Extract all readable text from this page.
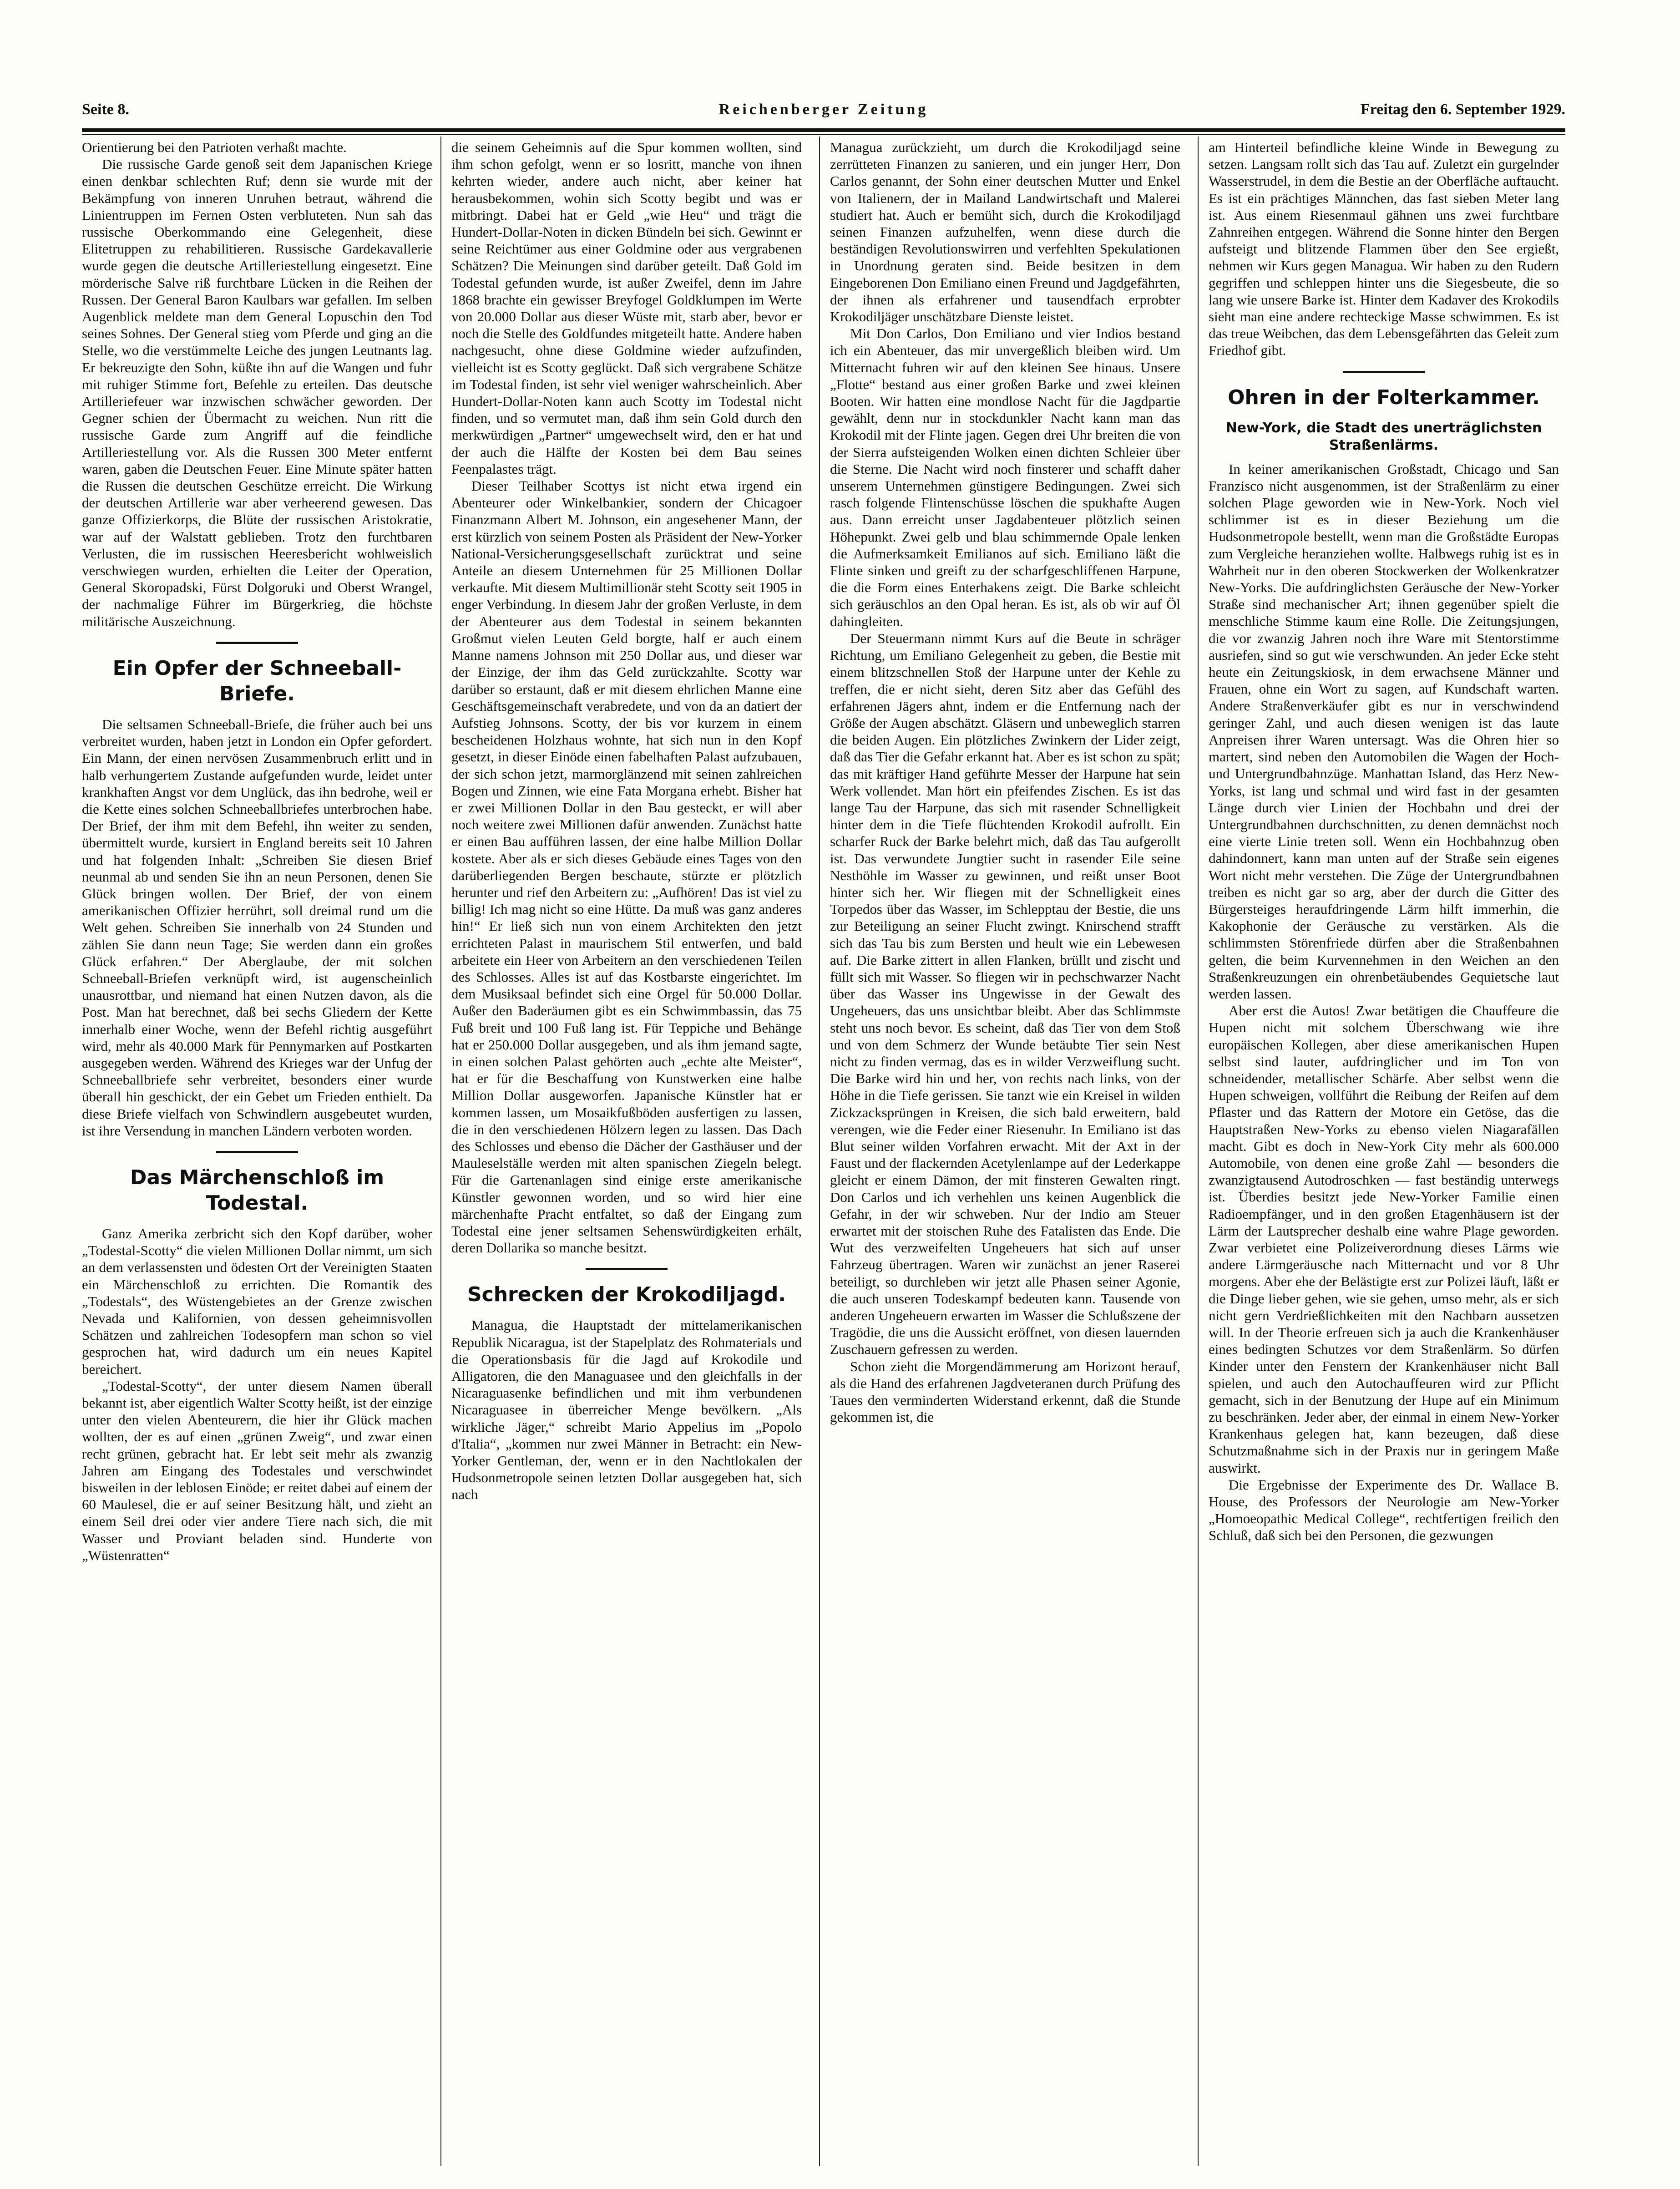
Seite 8.	Reichenberger Zeitung	Freitag den 6. September 1929.

Orientierung bei den Patrioten verhaßt machte.

Die russische Garde genoß seit dem Japanischen Kriege einen denkbar schlechten Ruf; denn sie wurde mit der Bekämpfung von inneren Unruhen betraut, während die Linientruppen im Fernen Osten verbluteten. Nun sah das russische Oberkommando eine Gelegenheit, diese Elitetruppen zu rehabilitieren. Russische Gardekavallerie wurde gegen die deutsche Artilleriestellung eingesetzt. Eine mörderische Salve riß furchtbare Lücken in die Reihen der Russen. Der General Baron Kaulbars war gefallen. Im selben Augenblick meldete man dem General Lopuschin den Tod seines Sohnes. Der General stieg vom Pferde und ging an die Stelle, wo die verstümmelte Leiche des jungen Leutnants lag. Er bekreuzigte den Sohn, küßte ihn auf die Wangen und fuhr mit ruhiger Stimme fort, Befehle zu erteilen. Das deutsche Artilleriefeuer war inzwischen schwächer geworden. Der Gegner schien der Übermacht zu weichen. Nun ritt die russische Garde zum Angriff auf die feindliche Artilleriestellung vor. Als die Russen 300 Meter entfernt waren, gaben die Deutschen Feuer. Eine Minute später hatten die Russen die deutschen Geschütze erreicht. Die Wirkung der deutschen Artillerie war aber verheerend gewesen. Das ganze Offizierkorps, die Blüte der russischen Aristokratie, war auf der Walstatt geblieben. Trotz den furchtbaren Verlusten, die im russischen Heeresbericht wohlweislich verschwiegen wurden, erhielten die Leiter der Operation, General Skoropadski, Fürst Dolgoruki und Oberst Wrangel, der nachmalige Führer im Bürgerkrieg, die höchste militärische Auszeichnung.

Ein Opfer der Schneeball-Briefe.

Die seltsamen Schneeball-Briefe, die früher auch bei uns verbreitet wurden, haben jetzt in London ein Opfer gefordert. Ein Mann, der einen nervösen Zusammenbruch erlitt und in halb verhungertem Zustande aufgefunden wurde, leidet unter krankhaften Angst vor dem Unglück, das ihn bedrohe, weil er die Kette eines solchen Schneeballbriefes unterbrochen habe. Der Brief, der ihm mit dem Befehl, ihn weiter zu senden, übermittelt wurde, kursiert in England bereits seit 10 Jahren und hat folgenden Inhalt: „Schreiben Sie diesen Brief neunmal ab und senden Sie ihn an neun Personen, denen Sie Glück bringen wollen. Der Brief, der von einem amerikanischen Offizier herrührt, soll dreimal rund um die Welt gehen. Schreiben Sie innerhalb von 24 Stunden und zählen Sie dann neun Tage; Sie werden dann ein großes Glück erfahren.“ Der Aberglaube, der mit solchen Schneeball-Briefen verknüpft wird, ist augenscheinlich unausrottbar, und niemand hat einen Nutzen davon, als die Post. Man hat berechnet, daß bei sechs Gliedern der Kette innerhalb einer Woche, wenn der Befehl richtig ausgeführt wird, mehr als 40.000 Mark für Pennymarken auf Postkarten ausgegeben werden. Während des Krieges war der Unfug der Schneeballbriefe sehr verbreitet, besonders einer wurde überall hin geschickt, der ein Gebet um Frieden enthielt. Da diese Briefe vielfach von Schwindlern ausgebeutet wurden, ist ihre Versendung in manchen Ländern verboten worden.

Das Märchenschloß im Todestal.

Ganz Amerika zerbricht sich den Kopf darüber, woher „Todestal-Scotty“ die vielen Millionen Dollar nimmt, um sich an dem verlassensten und ödesten Ort der Vereinigten Staaten ein Märchenschloß zu errichten. Die Romantik des „Todestals“, des Wüstengebietes an der Grenze zwischen Nevada und Kalifornien, von dessen geheimnisvollen Schätzen und zahlreichen Todesopfern man schon so viel gesprochen hat, wird dadurch um ein neues Kapitel bereichert.

„Todestal-Scotty“, der unter diesem Namen überall bekannt ist, aber eigentlich Walter Scotty heißt, ist der einzige unter den vielen Abenteurern, die hier ihr Glück machen wollten, der es auf einen „grünen Zweig“, und zwar einen recht grünen, gebracht hat. Er lebt seit mehr als zwanzig Jahren am Eingang des Todestales und verschwindet bisweilen in der leblosen Einöde; er reitet dabei auf einem der 60 Maulesel, die er auf seiner Besitzung hält, und zieht an einem Seil drei oder vier andere Tiere nach sich, die mit Wasser und Proviant beladen sind. Hunderte von „Wüstenratten“

die seinem Geheimnis auf die Spur kommen wollten, sind ihm schon gefolgt, wenn er so losritt, manche von ihnen kehrten wieder, andere auch nicht, aber keiner hat herausbekommen, wohin sich Scotty begibt und was er mitbringt. Dabei hat er Geld „wie Heu“ und trägt die Hundert-Dollar-Noten in dicken Bündeln bei sich. Gewinnt er seine Reichtümer aus einer Goldmine oder aus vergrabenen Schätzen? Die Meinungen sind darüber geteilt. Daß Gold im Todestal gefunden wurde, ist außer Zweifel, denn im Jahre 1868 brachte ein gewisser Breyfogel Goldklumpen im Werte von 20.000 Dollar aus dieser Wüste mit, starb aber, bevor er noch die Stelle des Goldfundes mitgeteilt hatte. Andere haben nachgesucht, ohne diese Goldmine wieder aufzufinden, vielleicht ist es Scotty geglückt. Daß sich vergrabene Schätze im Todestal finden, ist sehr viel weniger wahrscheinlich. Aber Hundert-Dollar-Noten kann auch Scotty im Todestal nicht finden, und so vermutet man, daß ihm sein Gold durch den merkwürdigen „Partner“ umgewechselt wird, den er hat und der auch die Hälfte der Kosten bei dem Bau seines Feenpalastes trägt.

Dieser Teilhaber Scottys ist nicht etwa irgend ein Abenteurer oder Winkelbankier, sondern der Chicagoer Finanzmann Albert M. Johnson, ein angesehener Mann, der erst kürzlich von seinem Posten als Präsident der New-Yorker National-Versicherungsgesellschaft zurücktrat und seine Anteile an diesem Unternehmen für 25 Millionen Dollar verkaufte. Mit diesem Multimillionär steht Scotty seit 1905 in enger Verbindung. In diesem Jahr der großen Verluste, in dem der Abenteurer aus dem Todestal in seinem bekannten Großmut vielen Leuten Geld borgte, half er auch einem Manne namens Johnson mit 250 Dollar aus, und dieser war der Einzige, der ihm das Geld zurückzahlte. Scotty war darüber so erstaunt, daß er mit diesem ehrlichen Manne eine Geschäftsgemeinschaft verabredete, und von da an datiert der Aufstieg Johnsons. Scotty, der bis vor kurzem in einem bescheidenen Holzhaus wohnte, hat sich nun in den Kopf gesetzt, in dieser Einöde einen fabelhaften Palast aufzubauen, der sich schon jetzt, marmorglänzend mit seinen zahlreichen Bogen und Zinnen, wie eine Fata Morgana erhebt. Bisher hat er zwei Millionen Dollar in den Bau gesteckt, er will aber noch weitere zwei Millionen dafür anwenden. Zunächst hatte er einen Bau aufführen lassen, der eine halbe Million Dollar kostete. Aber als er sich dieses Gebäude eines Tages von den darüberliegenden Bergen beschaute, stürzte er plötzlich herunter und rief den Arbeitern zu: „Aufhören! Das ist viel zu billig! Ich mag nicht so eine Hütte. Da muß was ganz anderes hin!“ Er ließ sich nun von einem Architekten den jetzt errichteten Palast in maurischem Stil entwerfen, und bald arbeitete ein Heer von Arbeitern an den verschiedenen Teilen des Schlosses. Alles ist auf das Kostbarste eingerichtet. Im dem Musiksaal befindet sich eine Orgel für 50.000 Dollar. Außer den Baderäumen gibt es ein Schwimmbassin, das 75 Fuß breit und 100 Fuß lang ist. Für Teppiche und Behänge hat er 250.000 Dollar ausgegeben, und als ihm jemand sagte, in einen solchen Palast gehörten auch „echte alte Meister“, hat er für die Beschaffung von Kunstwerken eine halbe Million Dollar ausgeworfen. Japanische Künstler hat er kommen lassen, um Mosaikfußböden ausfertigen zu lassen, die in den verschiedenen Hölzern legen zu lassen. Das Dach des Schlosses und ebenso die Dächer der Gasthäuser und der Mauleselställe werden mit alten spanischen Ziegeln belegt. Für die Gartenanlagen sind einige erste amerikanische Künstler gewonnen worden, und so wird hier eine märchenhafte Pracht entfaltet, so daß der Eingang zum Todestal eine jener seltsamen Sehenswürdigkeiten erhält, deren Dollarika so manche besitzt.

Schrecken der Krokodiljagd.

Managua, die Hauptstadt der mittelamerikanischen Republik Nicaragua, ist der Stapelplatz des Rohmaterials und die Operationsbasis für die Jagd auf Krokodile und Alligatoren, die den Managuasee und den gleichfalls in der Nicaraguasenke befindlichen und mit ihm verbundenen Nicaraguasee in überreicher Menge bevölkern. „Als wirkliche Jäger,“ schreibt Mario Appelius im „Popolo d'Italia“, „kommen nur zwei Männer in Betracht: ein New-Yorker Gentleman, der, wenn er in den Nachtlokalen der Hudsonmetropole seinen letzten Dollar ausgegeben hat, sich nach

Managua zurückzieht, um durch die Krokodiljagd seine zerrütteten Finanzen zu sanieren, und ein junger Herr, Don Carlos genannt, der Sohn einer deutschen Mutter und Enkel von Italienern, der in Mailand Landwirtschaft und Malerei studiert hat. Auch er bemüht sich, durch die Krokodiljagd seinen Finanzen aufzuhelfen, wenn diese durch die beständigen Revolutionswirren und verfehlten Spekulationen in Unordnung geraten sind. Beide besitzen in dem Eingeborenen Don Emiliano einen Freund und Jagdgefährten, der ihnen als erfahrener und tausendfach erprobter Krokodiljäger unschätzbare Dienste leistet.

Mit Don Carlos, Don Emiliano und vier Indios bestand ich ein Abenteuer, das mir unvergeßlich bleiben wird. Um Mitternacht fuhren wir auf den kleinen See hinaus. Unsere „Flotte“ bestand aus einer großen Barke und zwei kleinen Booten. Wir hatten eine mondlose Nacht für die Jagdpartie gewählt, denn nur in stockdunkler Nacht kann man das Krokodil mit der Flinte jagen. Gegen drei Uhr breiten die von der Sierra aufsteigenden Wolken einen dichten Schleier über die Sterne. Die Nacht wird noch finsterer und schafft daher unserem Unternehmen günstigere Bedingungen. Zwei sich rasch folgende Flintenschüsse löschen die spukhafte Augen aus. Dann erreicht unser Jagdabenteuer plötzlich seinen Höhepunkt. Zwei gelb und blau schimmernde Opale lenken die Aufmerksamkeit Emilianos auf sich. Emiliano läßt die Flinte sinken und greift zu der scharfgeschliffenen Harpune, die die Form eines Enterhakens zeigt. Die Barke schleicht sich geräuschlos an den Opal heran. Es ist, als ob wir auf Öl dahingleiten.

Der Steuermann nimmt Kurs auf die Beute in schräger Richtung, um Emiliano Gelegenheit zu geben, die Bestie mit einem blitzschnellen Stoß der Harpune unter der Kehle zu treffen, die er nicht sieht, deren Sitz aber das Gefühl des erfahrenen Jägers ahnt, indem er die Entfernung nach der Größe der Augen abschätzt. Gläsern und unbeweglich starren die beiden Augen. Ein plötzliches Zwinkern der Lider zeigt, daß das Tier die Gefahr erkannt hat. Aber es ist schon zu spät; das mit kräftiger Hand geführte Messer der Harpune hat sein Werk vollendet. Man hört ein pfeifendes Zischen. Es ist das lange Tau der Harpune, das sich mit rasender Schnelligkeit hinter dem in die Tiefe flüchtenden Krokodil aufrollt. Ein scharfer Ruck der Barke belehrt mich, daß das Tau aufgerollt ist. Das verwundete Jungtier sucht in rasender Eile seine Nesthöhle im Wasser zu gewinnen, und reißt unser Boot hinter sich her. Wir fliegen mit der Schnelligkeit eines Torpedos über das Wasser, im Schlepptau der Bestie, die uns zur Beteiligung an seiner Flucht zwingt. Knirschend strafft sich das Tau bis zum Bersten und heult wie ein Lebewesen auf. Die Barke zittert in allen Flanken, brüllt und zischt und füllt sich mit Wasser. So fliegen wir in pechschwarzer Nacht über das Wasser ins Ungewisse in der Gewalt des Ungeheuers, das uns unsichtbar bleibt. Aber das Schlimmste steht uns noch bevor. Es scheint, daß das Tier von dem Stoß und von dem Schmerz der Wunde betäubte Tier sein Nest nicht zu finden vermag, das es in wilder Verzweiflung sucht. Die Barke wird hin und her, von rechts nach links, von der Höhe in die Tiefe gerissen. Sie tanzt wie ein Kreisel in wilden Zickzacksprüngen in Kreisen, die sich bald erweitern, bald verengen, wie die Feder einer Riesenuhr. In Emiliano ist das Blut seiner wilden Vorfahren erwacht. Mit der Axt in der Faust und der flackernden Acetylenlampe auf der Lederkappe gleicht er einem Dämon, der mit finsteren Gewalten ringt. Don Carlos und ich verhehlen uns keinen Augenblick die Gefahr, in der wir schweben. Nur der Indio am Steuer erwartet mit der stoischen Ruhe des Fatalisten das Ende. Die Wut des verzweifelten Ungeheuers hat sich auf unser Fahrzeug übertragen. Waren wir zunächst an jener Raserei beteiligt, so durchleben wir jetzt alle Phasen seiner Agonie, die auch unseren Todeskampf bedeuten kann. Tausende von anderen Ungeheuern erwarten im Wasser die Schlußszene der Tragödie, die uns die Aussicht eröffnet, von diesen lauernden Zuschauern gefressen zu werden.

Schon zieht die Morgendämmerung am Horizont herauf, als die Hand des erfahrenen Jagdveteranen durch Prüfung des Taues den verminderten Widerstand erkennt, daß die Stunde gekommen ist, die

am Hinterteil befindliche kleine Winde in Bewegung zu setzen. Langsam rollt sich das Tau auf. Zuletzt ein gurgelnder Wasserstrudel, in dem die Bestie an der Oberfläche auftaucht. Es ist ein prächtiges Männchen, das fast sieben Meter lang ist. Aus einem Riesenmaul gähnen uns zwei furchtbare Zahnreihen entgegen. Während die Sonne hinter den Bergen aufsteigt und blitzende Flammen über den See ergießt, nehmen wir Kurs gegen Managua. Wir haben zu den Rudern gegriffen und schleppen hinter uns die Siegesbeute, die so lang wie unsere Barke ist. Hinter dem Kadaver des Krokodils sieht man eine andere rechteckige Masse schwimmen. Es ist das treue Weibchen, das dem Lebensgefährten das Geleit zum Friedhof gibt.

Ohren in der Folterkammer.
New-York, die Stadt des unerträglichsten Straßenlärms.

In keiner amerikanischen Großstadt, Chicago und San Franzisco nicht ausgenommen, ist der Straßenlärm zu einer solchen Plage geworden wie in New-York. Noch viel schlimmer ist es in dieser Beziehung um die Hudsonmetropole bestellt, wenn man die Großstädte Europas zum Vergleiche heranziehen wollte. Halbwegs ruhig ist es in Wahrheit nur in den oberen Stockwerken der Wolkenkratzer New-Yorks. Die aufdringlichsten Geräusche der New-Yorker Straße sind mechanischer Art; ihnen gegenüber spielt die menschliche Stimme kaum eine Rolle. Die Zeitungsjungen, die vor zwanzig Jahren noch ihre Ware mit Stentorstimme ausriefen, sind so gut wie verschwunden. An jeder Ecke steht heute ein Zeitungskiosk, in dem erwachsene Männer und Frauen, ohne ein Wort zu sagen, auf Kundschaft warten. Andere Straßenverkäufer gibt es nur in verschwindend geringer Zahl, und auch diesen wenigen ist das laute Anpreisen ihrer Waren untersagt. Was die Ohren hier so martert, sind neben den Automobilen die Wagen der Hoch- und Untergrundbahnzüge. Manhattan Island, das Herz New-Yorks, ist lang und schmal und wird fast in der gesamten Länge durch vier Linien der Hochbahn und drei der Untergrundbahnen durchschnitten, zu denen demnächst noch eine vierte Linie treten soll. Wenn ein Hochbahnzug oben dahindonnert, kann man unten auf der Straße sein eigenes Wort nicht mehr verstehen. Die Züge der Untergrundbahnen treiben es nicht gar so arg, aber der durch die Gitter des Bürgersteiges heraufdringende Lärm hilft immerhin, die Kakophonie der Geräusche zu verstärken. Als die schlimmsten Störenfriede dürfen aber die Straßenbahnen gelten, die beim Kurvennehmen in den Weichen an den Straßenkreuzungen ein ohrenbetäubendes Gequietsche laut werden lassen.

Aber erst die Autos! Zwar betätigen die Chauffeure die Hupen nicht mit solchem Überschwang wie ihre europäischen Kollegen, aber diese amerikanischen Hupen selbst sind lauter, aufdringlicher und im Ton von schneidender, metallischer Schärfe. Aber selbst wenn die Hupen schweigen, vollführt die Reibung der Reifen auf dem Pflaster und das Rattern der Motore ein Getöse, das die Hauptstraßen New-Yorks zu ebenso vielen Niagarafällen macht. Gibt es doch in New-York City mehr als 600.000 Automobile, von denen eine große Zahl — besonders die zwanzigtausend Autodroschken — fast beständig unterwegs ist. Überdies besitzt jede New-Yorker Familie einen Radioempfänger, und in den großen Etagenhäusern ist der Lärm der Lautsprecher deshalb eine wahre Plage geworden. Zwar verbietet eine Polizeiverordnung dieses Lärms wie andere Lärmgeräusche nach Mitternacht und vor 8 Uhr morgens. Aber ehe der Belästigte erst zur Polizei läuft, läßt er die Dinge lieber gehen, wie sie gehen, umso mehr, als er sich nicht gern Verdrießlichkeiten mit den Nachbarn aussetzen will. In der Theorie erfreuen sich ja auch die Krankenhäuser eines bedingten Schutzes vor dem Straßenlärm. So dürfen Kinder unter den Fenstern der Krankenhäuser nicht Ball spielen, und auch den Autochauffeuren wird zur Pflicht gemacht, sich in der Benutzung der Hupe auf ein Minimum zu beschränken. Jeder aber, der einmal in einem New-Yorker Krankenhaus gelegen hat, kann bezeugen, daß diese Schutzmaßnahme sich in der Praxis nur in geringem Maße auswirkt.

Die Ergebnisse der Experimente des Dr. Wallace B. House, des Professors der Neurologie am New-Yorker „Homoeopathic Medical College“, rechtfertigen freilich den Schluß, daß sich bei den Personen, die gezwungen
